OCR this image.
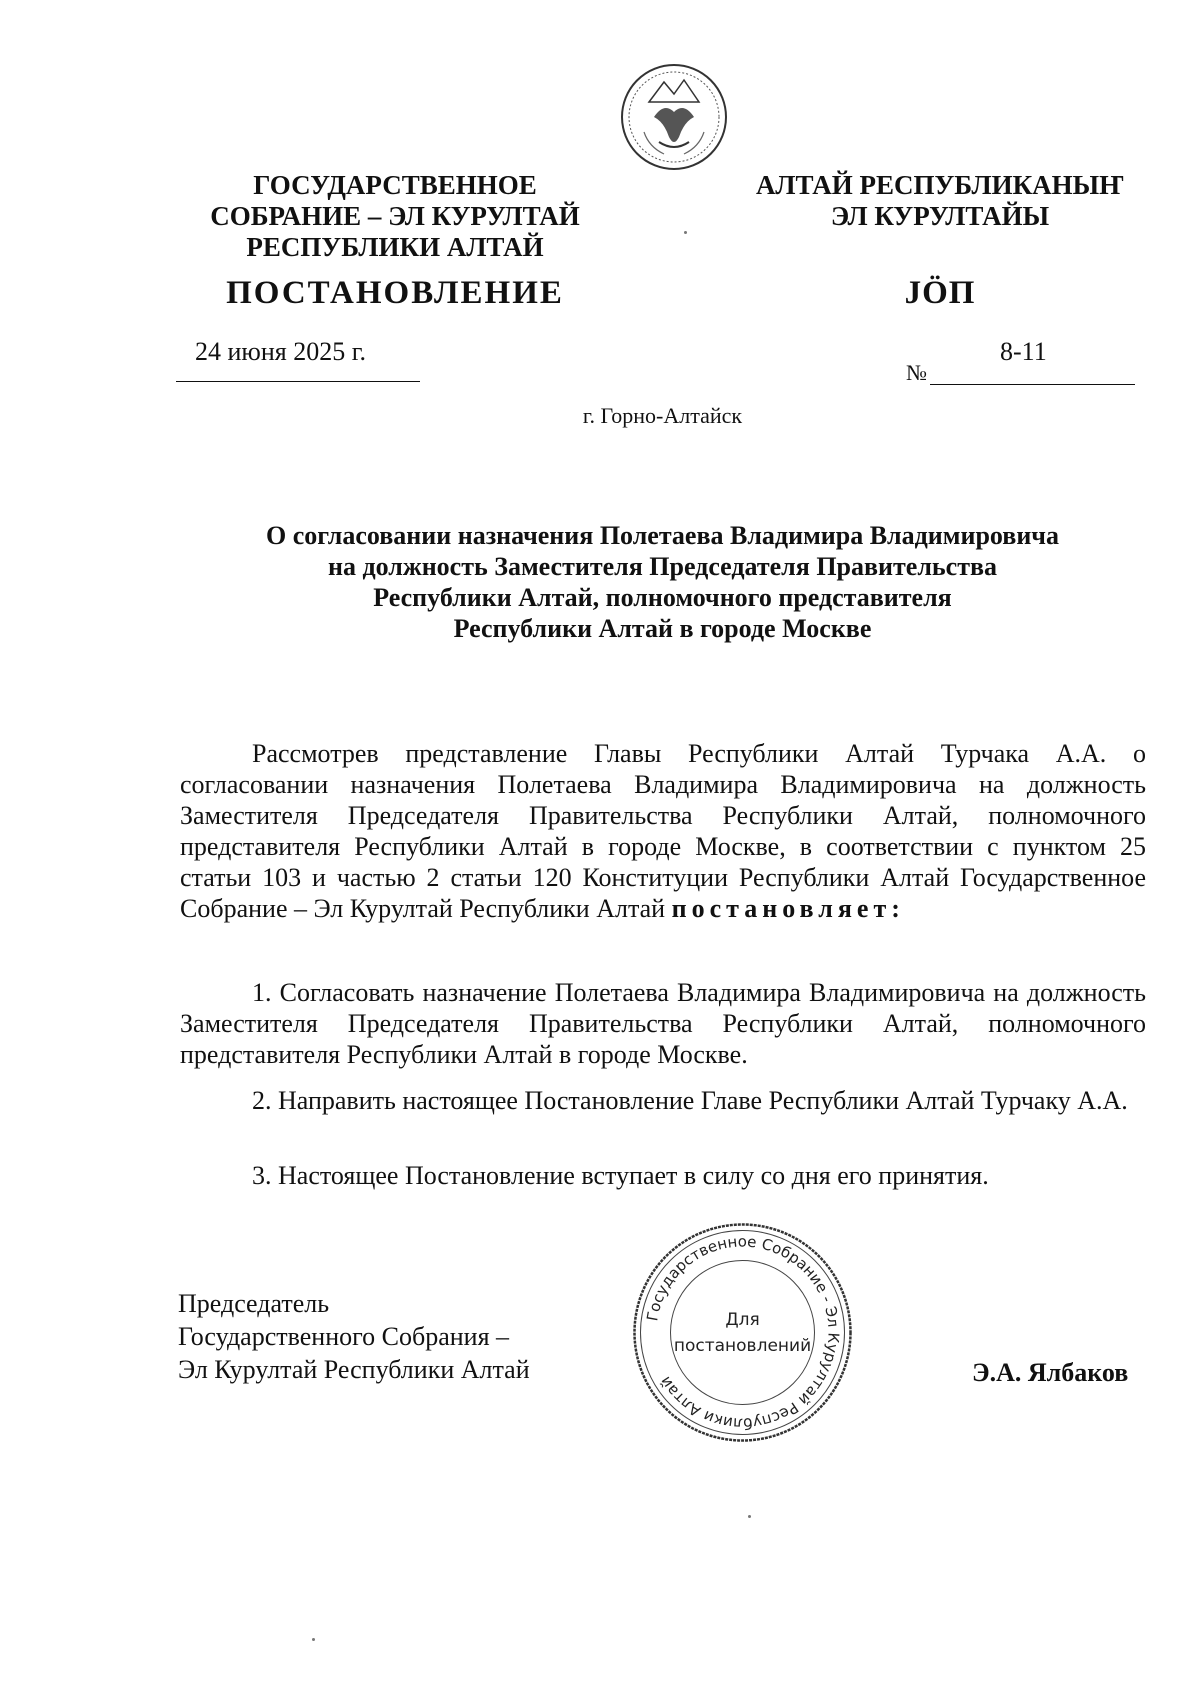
ГОСУДАРСТВЕННОЕ
СОБРАНИЕ – ЭЛ КУРУЛТАЙ
РЕСПУБЛИКИ АЛТАЙ
АЛТАЙ РЕСПУБЛИКАНЫҤ
ЭЛ КУРУЛТАЙЫ
ПОСТАНОВЛЕНИЕ	JӦП
24 июня 2025 г.
№
8-11
г. Горно-Алтайск
О согласовании назначения Полетаева Владимира Владимировича
на должность Заместителя Председателя Правительства
Республики Алтай, полномочного представителя
Республики Алтай в городе Москве
Рассмотрев представление Главы Республики Алтай Турчака А.А. о согласовании назначения Полетаева Владимира Владимировича на должность Заместителя Председателя Правительства Республики Алтай, полномочного представителя Республики Алтай в городе Москве, в соответствии с пунктом 25 статьи 103 и частью 2 статьи 120 Конституции Республики Алтай Государственное Собрание – Эл Курултай Республики Алтай постановляет:
1. Согласовать назначение Полетаева Владимира Владимировича на должность Заместителя Председателя Правительства Республики Алтай, полномочного представителя Республики Алтай в городе Москве.
2. Направить настоящее Постановление Главе Республики Алтай Турчаку А.А.
3. Настоящее Постановление вступает в силу со дня его принятия.
Председатель
Государственного Собрания –
Эл Курултай Республики Алтай
Государственное Собрание - Эл Курултай Республики Алтай
Для
постановлений
Э.А. Ялбаков
